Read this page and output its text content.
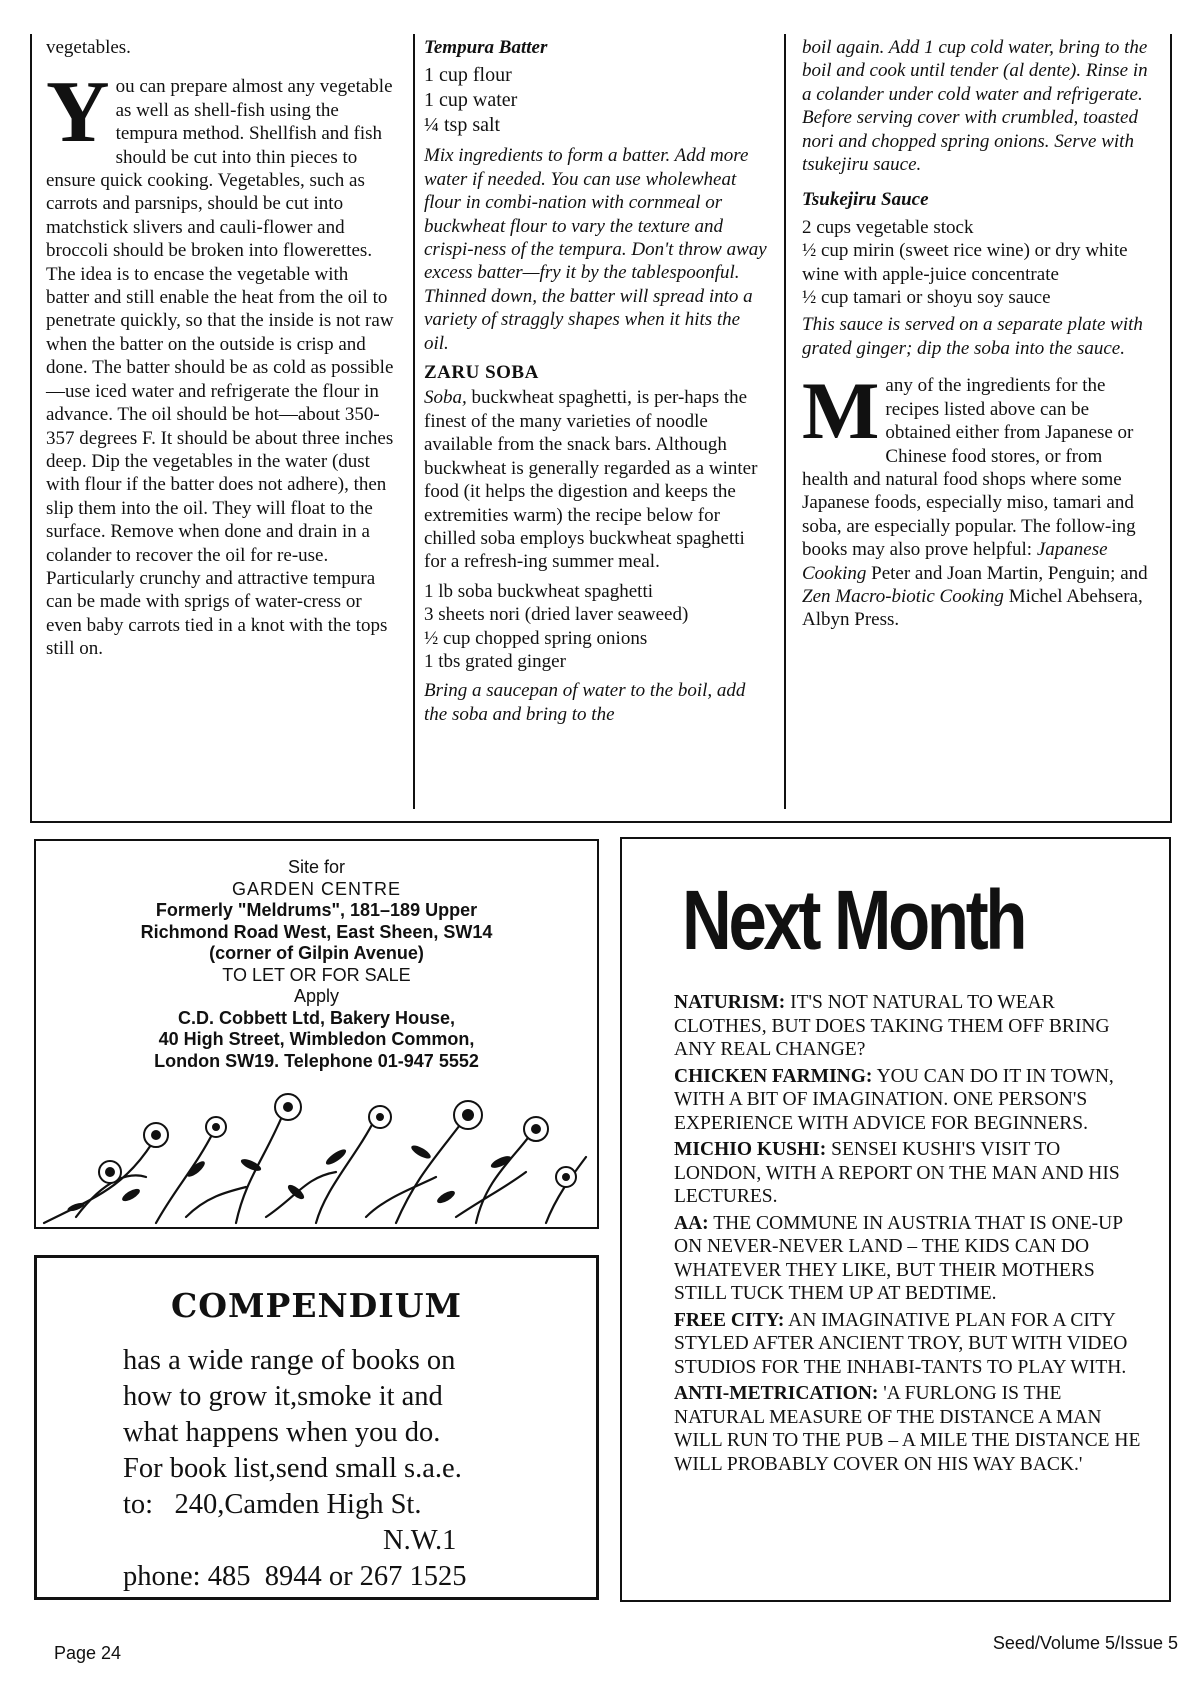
vegetables.

You can prepare almost any vegetable as well as shell-fish using the tempura method. Shellfish and fish should be cut into thin pieces to ensure quick cooking. Vegetables, such as carrots and parsnips, should be cut into matchstick slivers and cauli-flower and broccoli should be broken into flowerettes. The idea is to encase the vegetable with batter and still enable the heat from the oil to penetrate quickly, so that the inside is not raw when the batter on the outside is crisp and done. The batter should be as cold as possible—use iced water and refrigerate the flour in advance. The oil should be hot—about 350-357 degrees F. It should be about three inches deep. Dip the vegetables in the water (dust with flour if the batter does not adhere), then slip them into the oil. They will float to the surface. Remove when done and drain in a colander to recover the oil for re-use. Particularly crunchy and attractive tempura can be made with sprigs of water-cress or even baby carrots tied in a knot with the tops still on.

Tempura Batter

1 cup flour
1 cup water
¼ tsp salt

Mix ingredients to form a batter. Add more water if needed. You can use wholewheat flour in combi-nation with cornmeal or buckwheat flour to vary the texture and crispi-ness of the tempura. Don't throw away excess batter—fry it by the tablespoonful. Thinned down, the batter will spread into a variety of straggly shapes when it hits the oil.

ZARU SOBA

Soba, buckwheat spaghetti, is per-haps the finest of the many varieties of noodle available from the snack bars. Although buckwheat is generally regarded as a winter food (it helps the digestion and keeps the extremities warm) the recipe below for chilled soba employs buckwheat spaghetti for a refresh-ing summer meal.

1 lb soba buckwheat spaghetti
3 sheets nori (dried laver seaweed)
½ cup chopped spring onions
1 tbs grated ginger

Bring a saucepan of water to the boil, add the soba and bring to the

boil again. Add 1 cup cold water, bring to the boil and cook until tender (al dente). Rinse in a colander under cold water and refrigerate. Before serving cover with crumbled, toasted nori and chopped spring onions. Serve with tsukejiru sauce.

Tsukejiru Sauce

2 cups vegetable stock
½ cup mirin (sweet rice wine) or dry white wine with apple-juice concentrate
½ cup tamari or shoyu soy sauce

This sauce is served on a separate plate with grated ginger; dip the soba into the sauce.

Many of the ingredients for the recipes listed above can be obtained either from Japanese or Chinese food stores, or from health and natural food shops where some Japanese foods, especially miso, tamari and soba, are especially popular. The follow-ing books may also prove helpful: Japanese Cooking Peter and Joan Martin, Penguin; and Zen Macro-biotic Cooking Michel Abehsera, Albyn Press.

Site for
GARDEN CENTRE
Formerly "Meldrums", 181–189 Upper
Richmond Road West, East Sheen, SW14
(corner of Gilpin Avenue)
TO LET OR FOR SALE
Apply
C.D. Cobbett Ltd, Bakery House,
40 High Street, Wimbledon Common,
London SW19. Telephone 01-947 5552
COMPENDIUM
has a wide range of books on
how to grow it,smoke it and
what happens when you do.
For book list,send small s.a.e.
to:   240,Camden High St.
N.W.1
phone: 485  8944 or 267 1525
Next Month

NATURISM: IT'S NOT NATURAL TO WEAR CLOTHES, BUT DOES TAKING THEM OFF BRING ANY REAL CHANGE?

CHICKEN FARMING: YOU CAN DO IT IN TOWN, WITH A BIT OF IMAGINATION. ONE PERSON'S EXPERIENCE WITH ADVICE FOR BEGINNERS.

MICHIO KUSHI: SENSEI KUSHI'S VISIT TO LONDON, WITH A REPORT ON THE MAN AND HIS LECTURES.

AA: THE COMMUNE IN AUSTRIA THAT IS ONE-UP ON NEVER-NEVER LAND – THE KIDS CAN DO WHATEVER THEY LIKE, BUT THEIR MOTHERS STILL TUCK THEM UP AT BEDTIME.

FREE CITY: AN IMAGINATIVE PLAN FOR A CITY STYLED AFTER ANCIENT TROY, BUT WITH VIDEO STUDIOS FOR THE INHABI-TANTS TO PLAY WITH.

ANTI-METRICATION: 'A FURLONG IS THE NATURAL MEASURE OF THE DISTANCE A MAN WILL RUN TO THE PUB – A MILE THE DISTANCE HE WILL PROBABLY COVER ON HIS WAY BACK.'

Page 24	Seed/Volume 5/Issue 5
